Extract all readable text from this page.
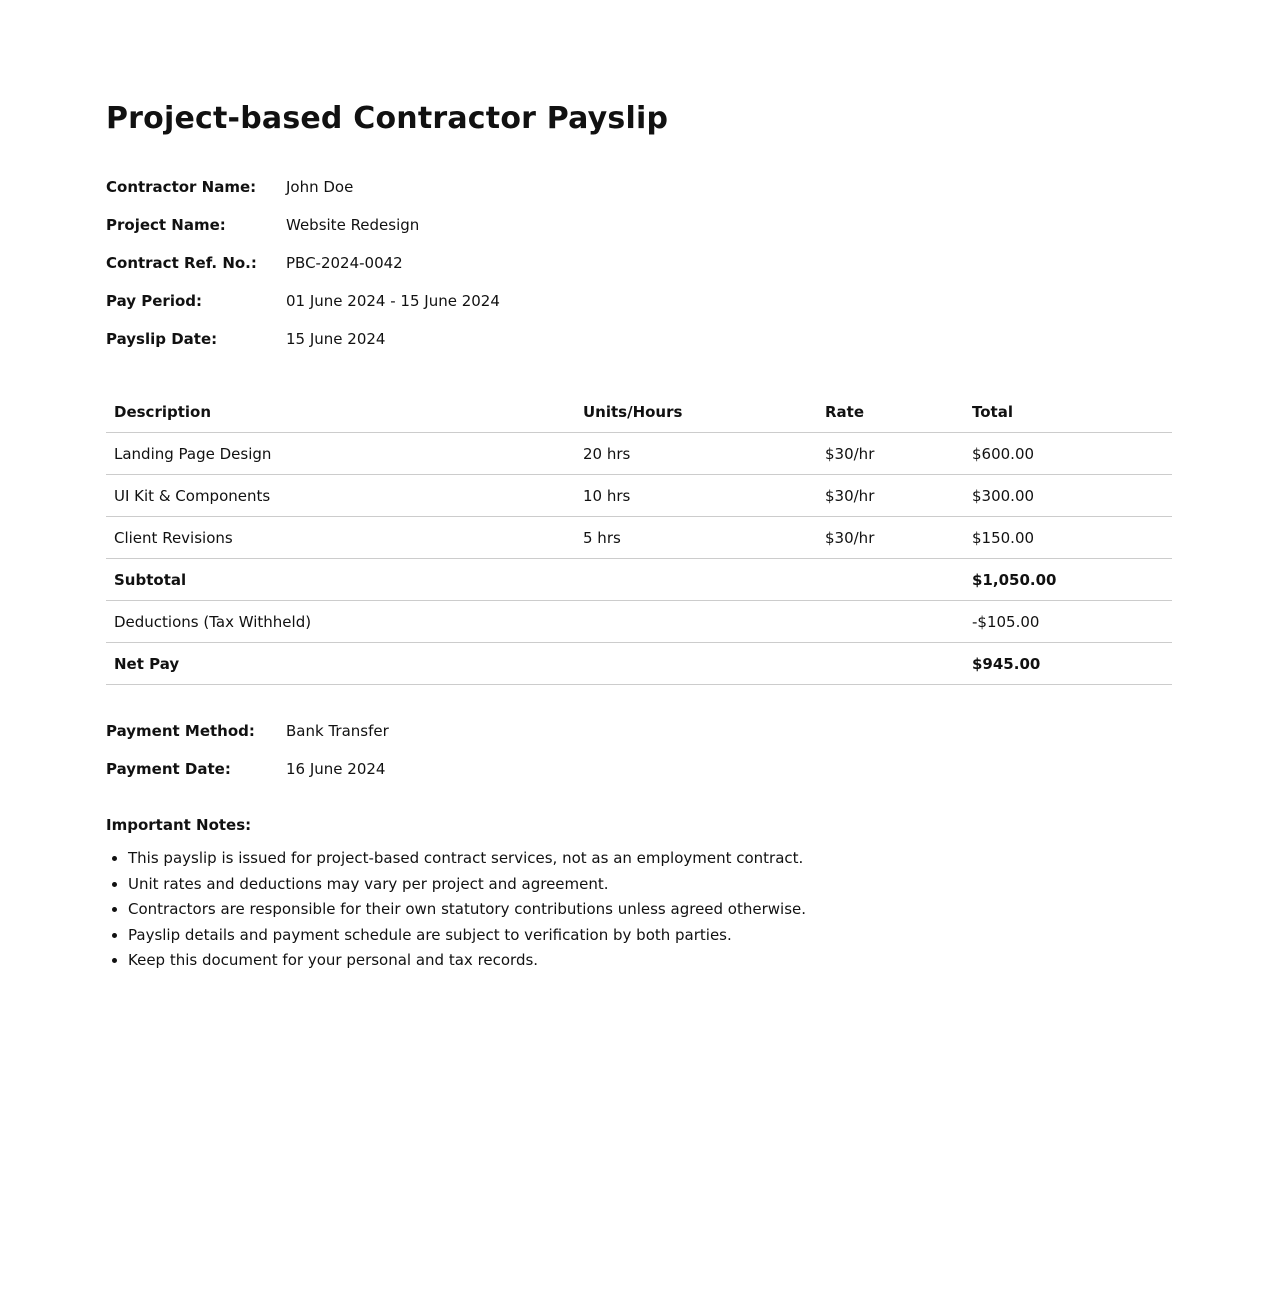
Project-based Contractor Payslip
Contractor Name:	John Doe
Project Name:	Website Redesign
Contract Ref. No.:	PBC-2024-0042
Pay Period:	01 June 2024 - 15 June 2024
Payslip Date:	15 June 2024
Description	Units/Hours	Rate	Total
Landing Page Design	20 hrs	$30/hr	$600.00
UI Kit & Components	10 hrs	$30/hr	$300.00
Client Revisions	5 hrs	$30/hr	$150.00
Subtotal			$1,050.00
Deductions (Tax Withheld)			-$105.00
Net Pay			$945.00
Payment Method:	Bank Transfer
Payment Date:	16 June 2024
Important Notes:
• This payslip is issued for project-based contract services, not as an employment contract.
• Unit rates and deductions may vary per project and agreement.
• Contractors are responsible for their own statutory contributions unless agreed otherwise.
• Payslip details and payment schedule are subject to verification by both parties.
• Keep this document for your personal and tax records.
